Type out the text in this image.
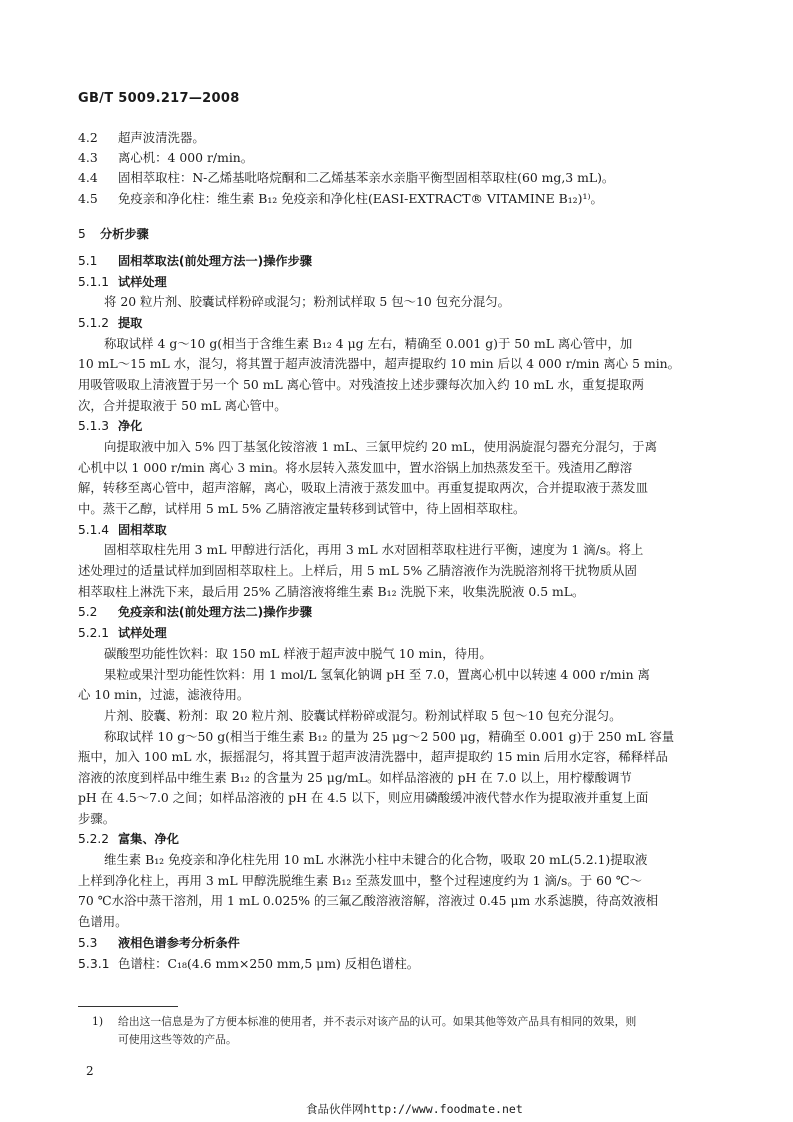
GB/T 5009.217—2008
4.2 超声波清洗器。
4.3 离心机：4 000 r/min。
4.4 固相萃取柱：N-乙烯基吡咯烷酮和二乙烯基苯亲水亲脂平衡型固相萃取柱(60 mg,3 mL)。
4.5 免疫亲和净化柱：维生素 B₁₂ 免疫亲和净化柱(EASI-EXTRACT® VITAMINE B₁₂)¹⁾。
5 分析步骤
5.1 固相萃取法(前处理方法一)操作步骤
5.1.1 试样处理
将 20 粒片剂、胶囊试样粉碎或混匀；粉剂试样取 5 包～10 包充分混匀。
5.1.2 提取
称取试样 4 g～10 g(相当于含维生素 B₁₂ 4 μg 左右，精确至 0.001 g)于 50 mL 离心管中，加
10 mL～15 mL 水，混匀，将其置于超声波清洗器中，超声提取约 10 min 后以 4 000 r/min 离心 5 min。
用吸管吸取上清液置于另一个 50 mL 离心管中。对残渣按上述步骤每次加入约 10 mL 水，重复提取两
次，合并提取液于 50 mL 离心管中。
5.1.3 净化
向提取液中加入 5% 四丁基氢化铵溶液 1 mL、三氯甲烷约 20 mL，使用涡旋混匀器充分混匀，于离
心机中以 1 000 r/min 离心 3 min。将水层转入蒸发皿中，置水浴锅上加热蒸发至干。残渣用乙醇溶
解，转移至离心管中，超声溶解，离心，吸取上清液于蒸发皿中。再重复提取两次，合并提取液于蒸发皿
中。蒸干乙醇，试样用 5 mL 5% 乙腈溶液定量转移到试管中，待上固相萃取柱。
5.1.4 固相萃取
固相萃取柱先用 3 mL 甲醇进行活化，再用 3 mL 水对固相萃取柱进行平衡，速度为 1 滴/s。将上
述处理过的适量试样加到固相萃取柱上。上样后，用 5 mL 5% 乙腈溶液作为洗脱溶剂将干扰物质从固
相萃取柱上淋洗下来，最后用 25% 乙腈溶液将维生素 B₁₂ 洗脱下来，收集洗脱液 0.5 mL。
5.2 免疫亲和法(前处理方法二)操作步骤
5.2.1 试样处理
碳酸型功能性饮料：取 150 mL 样液于超声波中脱气 10 min，待用。
果粒或果汁型功能性饮料：用 1 mol/L 氢氧化钠调 pH 至 7.0，置离心机中以转速 4 000 r/min 离
心 10 min，过滤，滤液待用。
片剂、胶囊、粉剂：取 20 粒片剂、胶囊试样粉碎或混匀。粉剂试样取 5 包～10 包充分混匀。
称取试样 10 g～50 g(相当于维生素 B₁₂ 的量为 25 μg～2 500 μg，精确至 0.001 g)于 250 mL 容量
瓶中，加入 100 mL 水，振摇混匀，将其置于超声波清洗器中，超声提取约 15 min 后用水定容，稀释样品
溶液的浓度到样品中维生素 B₁₂ 的含量为 25 μg/mL。如样品溶液的 pH 在 7.0 以上，用柠檬酸调节
pH 在 4.5～7.0 之间；如样品溶液的 pH 在 4.5 以下，则应用磷酸缓冲液代替水作为提取液并重复上面
步骤。
5.2.2 富集、净化
维生素 B₁₂ 免疫亲和净化柱先用 10 mL 水淋洗小柱中未键合的化合物，吸取 20 mL(5.2.1)提取液
上样到净化柱上，再用 3 mL 甲醇洗脱维生素 B₁₂ 至蒸发皿中，整个过程速度约为 1 滴/s。于 60 ℃～
70 ℃水浴中蒸干溶剂，用 1 mL 0.025% 的三氟乙酸溶液溶解，溶液过 0.45 μm 水系滤膜，待高效液相
色谱用。
5.3 液相色谱参考分析条件
5.3.1 色谱柱：C₁₈(4.6 mm×250 mm,5 μm) 反相色谱柱。
1) 给出这一信息是为了方便本标准的使用者，并不表示对该产品的认可。如果其他等效产品具有相同的效果，则
可使用这些等效的产品。
2
食品伙伴网http://www.foodmate.net
